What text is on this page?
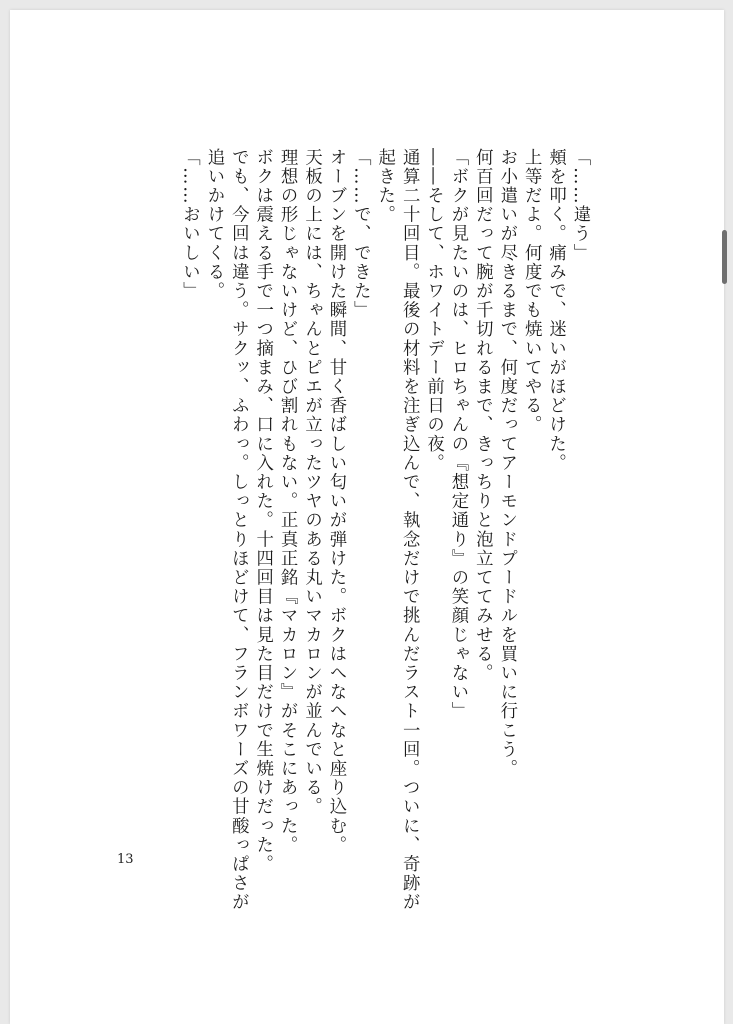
「……違う」
頬を叩く。痛みで、迷いがほどけた。
上等だよ。何度でも焼いてやる。
お小遣いが尽きるまで、何度だってアーモンドプードルを買いに行こう。
何百回だって腕が千切れるまで、きっちりと泡立ててみせる。
「ボクが見たいのは、ヒロちゃんの『想定通り』の笑顔じゃない」
――そして、ホワイトデー前日の夜。
通算二十回目。最後の材料を注ぎ込んで、執念だけで挑んだラスト一回。ついに、奇跡が
起きた。
「……で、できた」
オーブンを開けた瞬間、甘く香ばしい匂いが弾けた。ボクはへなへなと座り込む。
天板の上には、ちゃんとピエが立ったツヤのある丸いマカロンが並んでいる。
理想の形じゃないけど、ひび割れもない。正真正銘『マカロン』がそこにあった。
ボクは震える手で一つ摘まみ、口に入れた。十四回目は見た目だけで生焼けだった。
でも、今回は違う。サクッ、ふわっ。しっとりほどけて、フランボワーズの甘酸っぱさが
追いかけてくる。
「……おいしい」
13
